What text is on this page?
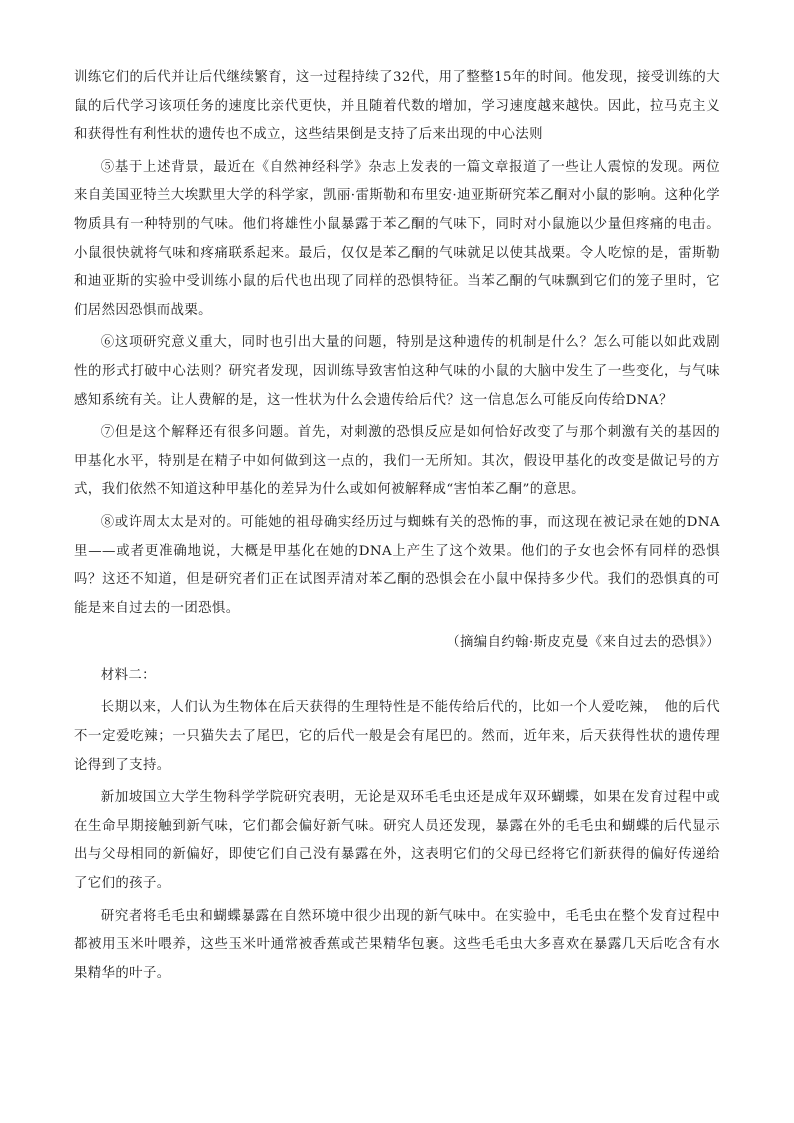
训练它们的后代并让后代继续繁育，这一过程持续了32代，用了整整15年的时间。他发现，接受训练的大鼠的后代学习该项任务的速度比亲代更快，并且随着代数的增加，学习速度越来越快。因此，拉马克主义和获得性有利性状的遗传也不成立，这些结果倒是支持了后来出现的中心法则

⑤基于上述背景，最近在《自然神经科学》杂志上发表的一篇文章报道了一些让人震惊的发现。两位来自美国亚特兰大埃默里大学的科学家，凯丽·雷斯勒和布里安·迪亚斯研究苯乙酮对小鼠的影响。这种化学物质具有一种特别的气味。他们将雄性小鼠暴露于苯乙酮的气味下，同时对小鼠施以少量但疼痛的电击。小鼠很快就将气味和疼痛联系起来。最后，仅仅是苯乙酮的气味就足以使其战栗。令人吃惊的是，雷斯勒和迪亚斯的实验中受训练小鼠的后代也出现了同样的恐惧特征。当苯乙酮的气味飘到它们的笼子里时，它们居然因恐惧而战栗。

⑥这项研究意义重大，同时也引出大量的问题，特别是这种遗传的机制是什么？怎么可能以如此戏剧性的形式打破中心法则？研究者发现，因训练导致害怕这种气味的小鼠的大脑中发生了一些变化，与气味感知系统有关。让人费解的是，这一性状为什么会遗传给后代？这一信息怎么可能反向传给DNA？

⑦但是这个解释还有很多问题。首先，对刺激的恐惧反应是如何恰好改变了与那个刺激有关的基因的甲基化水平，特别是在精子中如何做到这一点的，我们一无所知。其次，假设甲基化的改变是做记号的方式，我们依然不知道这种甲基化的差异为什么或如何被解释成“害怕苯乙酮”的意思。

⑧或许周太太是对的。可能她的祖母确实经历过与蜘蛛有关的恐怖的事，而这现在被记录在她的DNA里——或者更准确地说，大概是甲基化在她的DNA上产生了这个效果。他们的子女也会怀有同样的恐惧吗？这还不知道，但是研究者们正在试图弄清对苯乙酮的恐惧会在小鼠中保持多少代。我们的恐惧真的可能是来自过去的一团恐惧。

（摘编自约翰·斯皮克曼《来自过去的恐惧》）

材料二：

长期以来，人们认为生物体在后天获得的生理特性是不能传给后代的，比如一个人爱吃辣，　他的后代不一定爱吃辣；一只猫失去了尾巴，它的后代一般是会有尾巴的。然而，近年来，后天获得性状的遗传理论得到了支持。

新加坡国立大学生物科学学院研究表明，无论是双环毛毛虫还是成年双环蝴蝶，如果在发育过程中或在生命早期接触到新气味，它们都会偏好新气味。研究人员还发现，暴露在外的毛毛虫和蝴蝶的后代显示出与父母相同的新偏好，即使它们自己没有暴露在外，这表明它们的父母已经将它们新获得的偏好传递给了它们的孩子。

研究者将毛毛虫和蝴蝶暴露在自然环境中很少出现的新气味中。在实验中，毛毛虫在整个发育过程中都被用玉米叶喂养，这些玉米叶通常被香蕉或芒果精华包裹。这些毛毛虫大多喜欢在暴露几天后吃含有水果精华的叶子。
